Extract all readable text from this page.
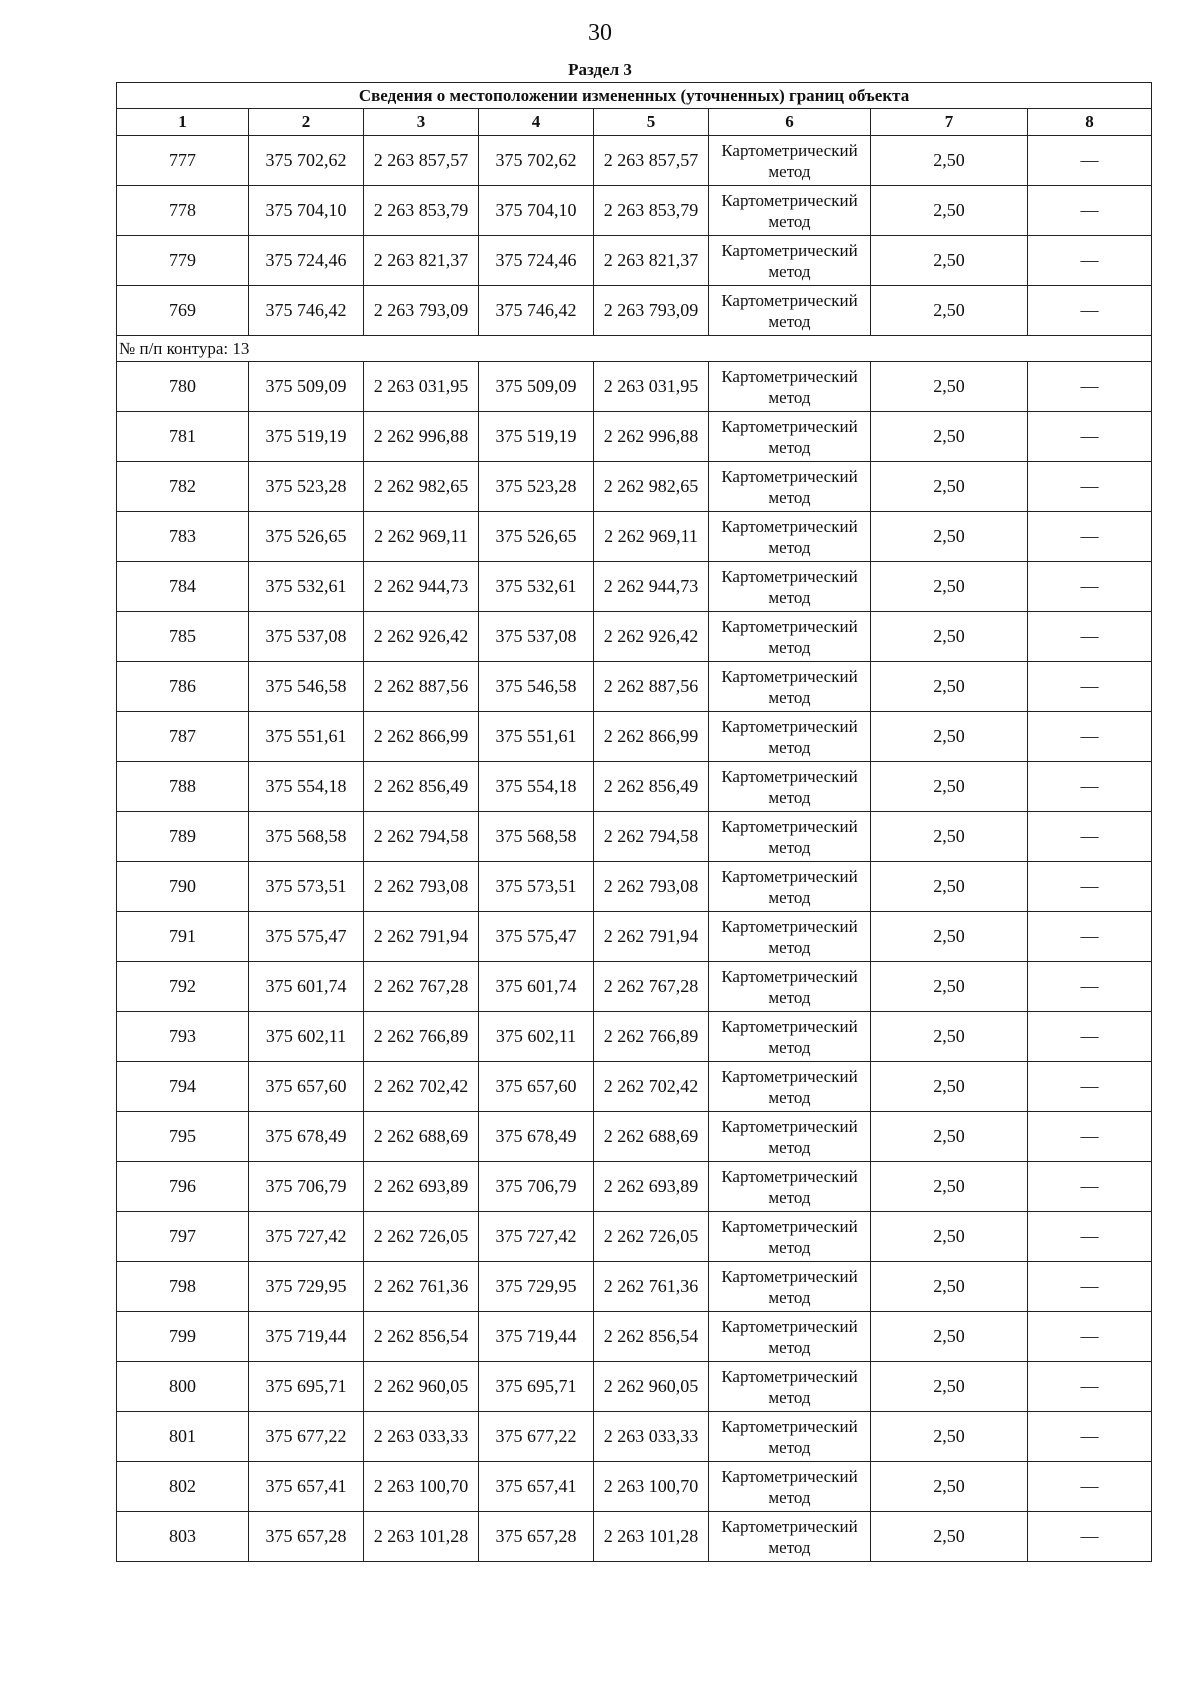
30
Раздел 3
Сведения о местоположении измененных (уточненных) границ объекта							
1	2	3	4	5	6	7	8
777	375 702,62	2 263 857,57	375 702,62	2 263 857,57	Картометрический метод	2,50	—
778	375 704,10	2 263 853,79	375 704,10	2 263 853,79	Картометрический метод	2,50	—
779	375 724,46	2 263 821,37	375 724,46	2 263 821,37	Картометрический метод	2,50	—
769	375 746,42	2 263 793,09	375 746,42	2 263 793,09	Картометрический метод	2,50	—
№ п/п контура: 13							
780	375 509,09	2 263 031,95	375 509,09	2 263 031,95	Картометрический метод	2,50	—
781	375 519,19	2 262 996,88	375 519,19	2 262 996,88	Картометрический метод	2,50	—
782	375 523,28	2 262 982,65	375 523,28	2 262 982,65	Картометрический метод	2,50	—
783	375 526,65	2 262 969,11	375 526,65	2 262 969,11	Картометрический метод	2,50	—
784	375 532,61	2 262 944,73	375 532,61	2 262 944,73	Картометрический метод	2,50	—
785	375 537,08	2 262 926,42	375 537,08	2 262 926,42	Картометрический метод	2,50	—
786	375 546,58	2 262 887,56	375 546,58	2 262 887,56	Картометрический метод	2,50	—
787	375 551,61	2 262 866,99	375 551,61	2 262 866,99	Картометрический метод	2,50	—
788	375 554,18	2 262 856,49	375 554,18	2 262 856,49	Картометрический метод	2,50	—
789	375 568,58	2 262 794,58	375 568,58	2 262 794,58	Картометрический метод	2,50	—
790	375 573,51	2 262 793,08	375 573,51	2 262 793,08	Картометрический метод	2,50	—
791	375 575,47	2 262 791,94	375 575,47	2 262 791,94	Картометрический метод	2,50	—
792	375 601,74	2 262 767,28	375 601,74	2 262 767,28	Картометрический метод	2,50	—
793	375 602,11	2 262 766,89	375 602,11	2 262 766,89	Картометрический метод	2,50	—
794	375 657,60	2 262 702,42	375 657,60	2 262 702,42	Картометрический метод	2,50	—
795	375 678,49	2 262 688,69	375 678,49	2 262 688,69	Картометрический метод	2,50	—
796	375 706,79	2 262 693,89	375 706,79	2 262 693,89	Картометрический метод	2,50	—
797	375 727,42	2 262 726,05	375 727,42	2 262 726,05	Картометрический метод	2,50	—
798	375 729,95	2 262 761,36	375 729,95	2 262 761,36	Картометрический метод	2,50	—
799	375 719,44	2 262 856,54	375 719,44	2 262 856,54	Картометрический метод	2,50	—
800	375 695,71	2 262 960,05	375 695,71	2 262 960,05	Картометрический метод	2,50	—
801	375 677,22	2 263 033,33	375 677,22	2 263 033,33	Картометрический метод	2,50	—
802	375 657,41	2 263 100,70	375 657,41	2 263 100,70	Картометрический метод	2,50	—
803	375 657,28	2 263 101,28	375 657,28	2 263 101,28	Картометрический метод	2,50	—
